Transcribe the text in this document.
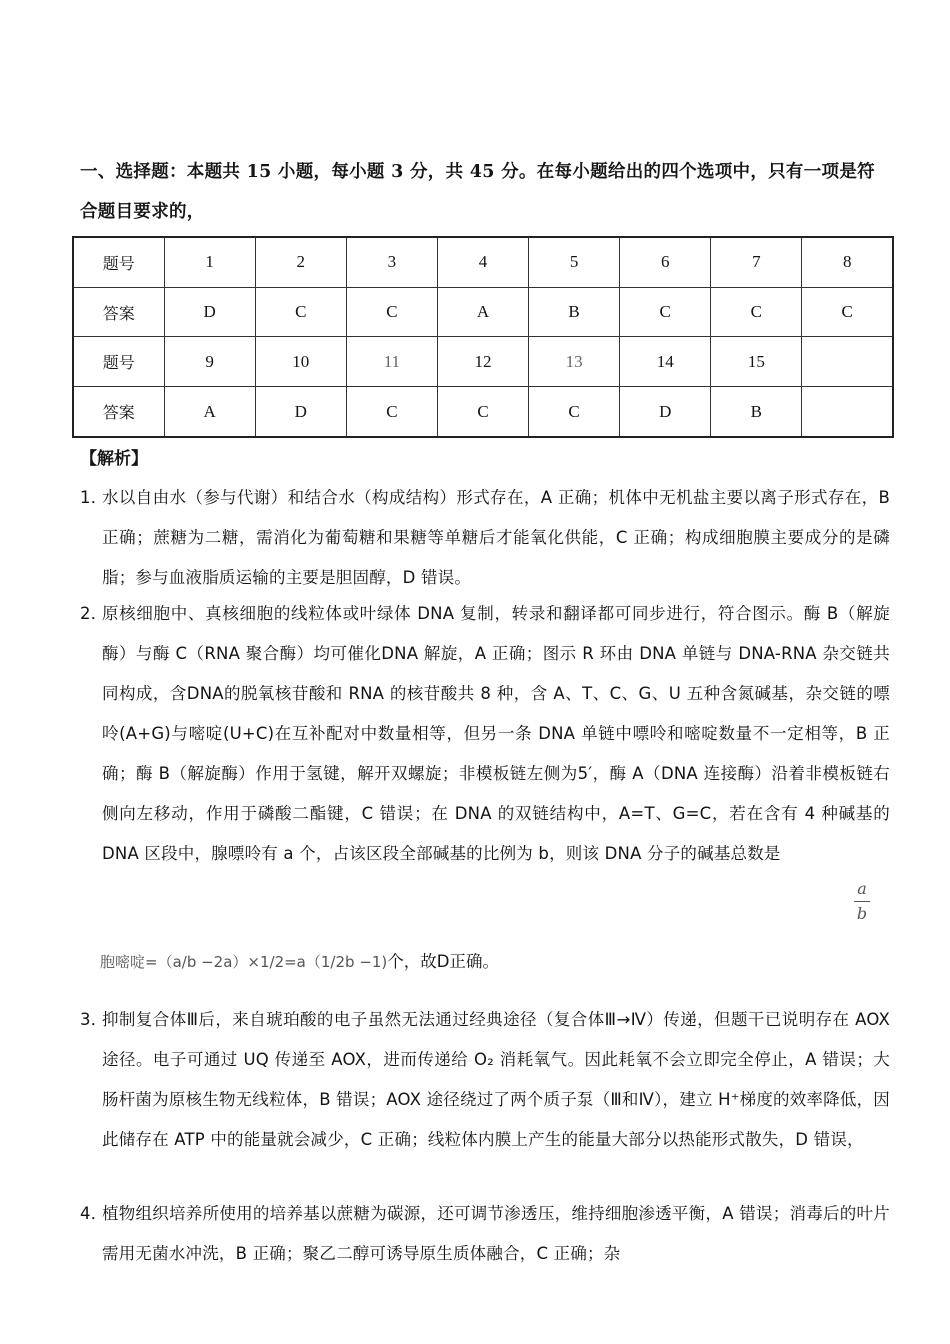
一、选择题：本题共 15 小题，每小题 3 分，共 45 分。在每小题给出的四个选项中，只有一项是符合题目要求的，
题号	1	2	3	4	5	6	7	8
答案	D	C	C	A	B	C	C	C
题号	9	10	11	12	13	14	15	
答案	A	D	C	C	C	D	B	
【解析】
1．
水以自由水（参与代谢）和结合水（构成结构）形式存在，A 正确；机体中无机盐主要以离子形式存在，B 正确；蔗糖为二糖，需消化为葡萄糖和果糖等单糖后才能氧化供能，C 正确；构成细胞膜主要成分的是磷脂；参与血液脂质运输的主要是胆固醇，D 错误。
2．
原核细胞中、真核细胞的线粒体或叶绿体 DNA 复制，转录和翻译都可同步进行，符合图示。酶 B（解旋酶）与酶 C（RNA 聚合酶）均可催化DNA 解旋，A 正确；图示 R 环由 DNA 单链与 DNA-RNA 杂交链共同构成，含DNA的脱氧核苷酸和 RNA 的核苷酸共 8 种，含 A、T、C、G、U 五种含氮碱基，杂交链的嘌呤(A+G)与嘧啶(U+C)在互补配对中数量相等，但另一条 DNA 单链中嘌呤和嘧啶数量不一定相等，B 正确；酶 B（解旋酶）作用于氢键，解开双螺旋；非模板链左侧为5′，酶 A（DNA 连接酶）沿着非模板链右侧向左移动，作用于磷酸二酯键，C 错误；在 DNA 的双链结构中，A=T、G=C，若在含有 4 种碱基的 DNA 区段中，腺嘌呤有 a 个，占该区段全部碱基的比例为 b，则该 DNA 分子的碱基总数是
a
b
胞嘧啶=（a/b −2a）×1/2=a（1/2b −1)个，故D正确。
3．
抑制复合体Ⅲ后，来自琥珀酸的电子虽然无法通过经典途径（复合体Ⅲ→Ⅳ）传递，但题干已说明存在 AOX 途径。电子可通过 UQ 传递至 AOX，进而传递给 O₂ 消耗氧气。因此耗氧不会立即完全停止，A 错误；大肠杆菌为原核生物无线粒体，B 错误；AOX 途径绕过了两个质子泵（Ⅲ和Ⅳ），建立 H⁺梯度的效率降低，因此储存在 ATP 中的能量就会减少，C 正确；线粒体内膜上产生的能量大部分以热能形式散失，D 错误，
4．
植物组织培养所使用的培养基以蔗糖为碳源，还可调节渗透压，维持细胞渗透平衡，A 错误；消毒后的叶片需用无菌水冲洗，B 正确；聚乙二醇可诱导原生质体融合，C 正确；杂
